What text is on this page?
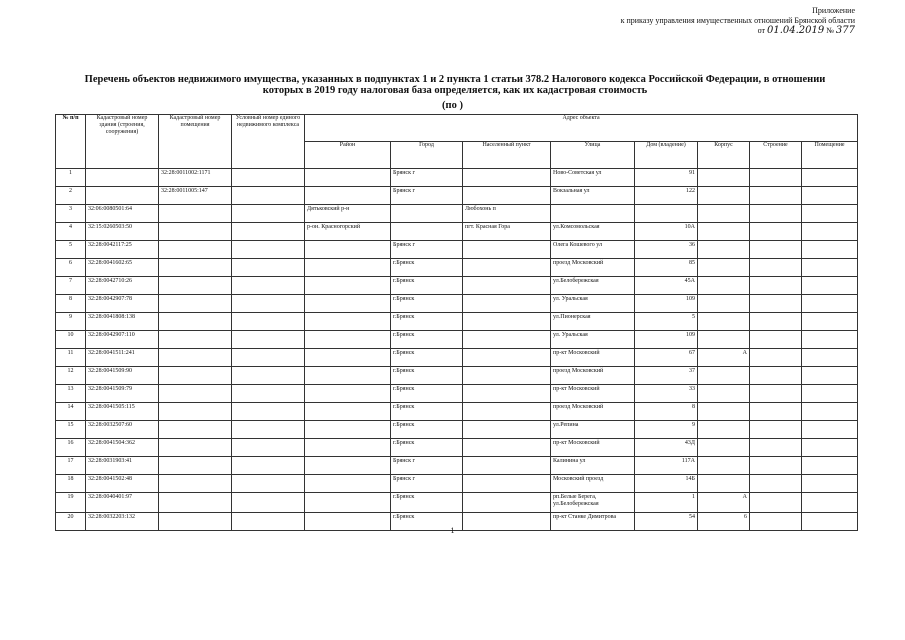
Приложение
к приказу управления имущественных отношений Брянской области
от 01.04.2019 № 377
Перечень объектов недвижимого имущества, указанных в подпунктах 1 и 2 пункта 1 статьи 378.2 Налогового кодекса Российской Федерации, в отношении
которых в 2019 году налоговая база определяется, как их кадастровая стоимость
(по )
№ п/п	Кадастровый номер здания (строения, сооружения)	Кадастровый номер помещения	Условный номер единого недвижимого комплекса	Адрес объекта							
				Район	Город	Населенный пункт	Улица	Дом (владение)	Корпус	Строение	Помещение
1		32:28:0011002:1171			Брянск г		Ново-Советская ул	91			
2		32:28:0011005:147			Брянск г		Вокзальная ул	122			
3	32:06:0080501:64			Дятьковский р-н		Любохонь п					
4	32:15:0260503:50			р-он. Красногорский		пгт. Красная Гора	ул.Комсомольская	10А			
5	32:28:0042117:25				Брянск г		Олега Кошевого ул	36			
6	32:28:0041602:65				г.Брянск		проезд Московский	85			
7	32:28:0042710:26				г.Брянск		ул.Белобережская	45А			
8	32:28:0042907:78				г.Брянск		ул. Уральская	109			
9	32:28:0041808:138				г.Брянск		ул.Пионерская	5			
10	32:28:0042907:110				г.Брянск		ул. Уральская	109			
11	32:28:0041511:241				г.Брянск		пр-кт Московский	67	А		
12	32:28:0041509:90				г.Брянск		проезд Московский	37			
13	32:28:0041509:79				г.Брянск		пр-кт Московский	33			
14	32:28:0041505:115				г.Брянск		проезд Московский	8			
15	32:28:0032507:60				г.Брянск		ул.Репина	9			
16	32:28:0041504:362				г.Брянск		пр-кт Московский	43Д			
17	32:28:0031903:41				Брянск г		Калинина ул	117А			
18	32:28:0041502:48				Брянск г		Московский проезд	14Б			
19	32:28:0040401:97				г.Брянск		рп.Белые Берега, ул.Белобережская	1	А		
20	32:28:0032203:132				г.Брянск		пр-кт Станке Димитрова	54	6		
1
